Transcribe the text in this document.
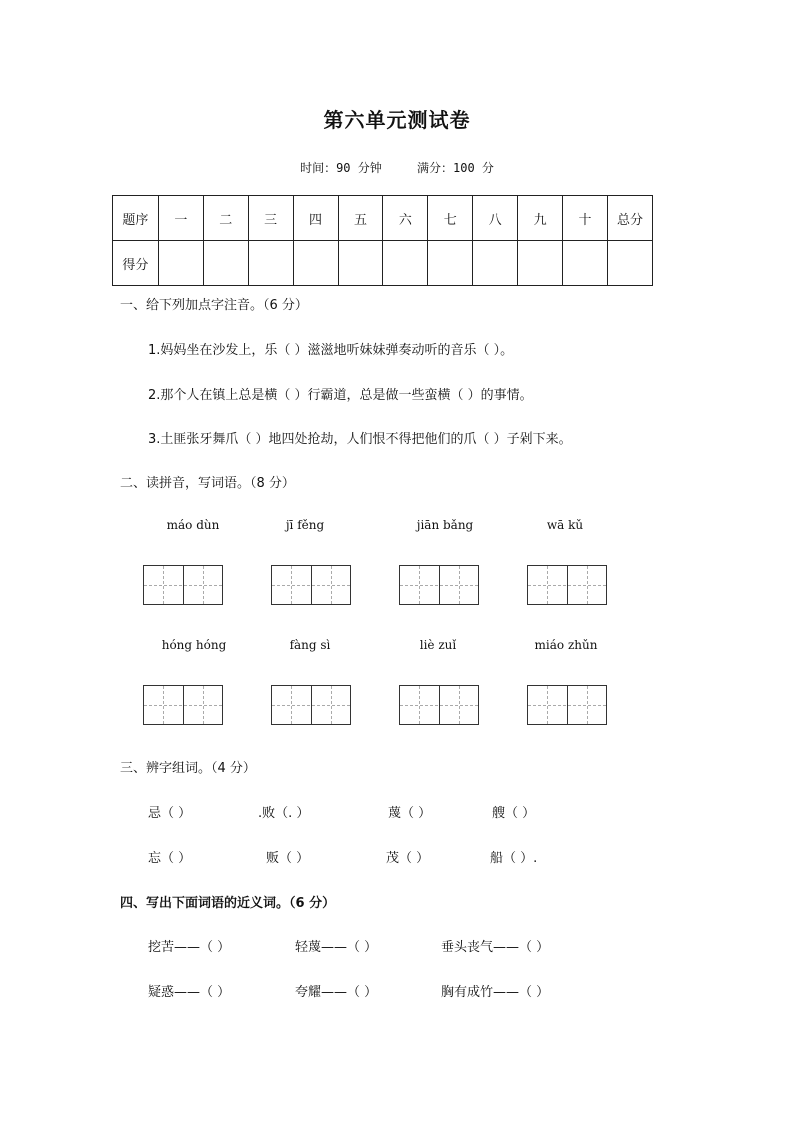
第六单元测试卷
时间：90 分钟	满分：100 分
题序	一	二	三	四	五	六	七	八	九	十	总分
得分											
一、给下列加点字注音。（6 分）
1.妈妈坐在沙发上，乐（ ）滋滋地听妹妹弹奏动听的音乐（ ）。
2.那个人在镇上总是横（ ）行霸道，总是做一些蛮横（ ）的事情。
3.土匪张牙舞爪（ ）地四处抢劫，人们恨不得把他们的爪（ ）子剁下来。
二、读拼音，写词语。（8 分）
máo dùn	jī fěng	jiān bǎng	wā kǔ
hóng hóng	fàng sì	liè zuǐ	miáo zhǔn
三、辨字组词。（4 分）
忌（ ）	.败（. ）	蔑（ ）	艘（ ）
忘（ ）	贩（ ）	茂（ ）	船（ ）.
四、写出下面词语的近义词。（6 分）
挖苦——（ ）	轻蔑——（ ）	垂头丧气——（ ）
疑惑——（ ）	夸耀——（ ）	胸有成竹——（ ）
